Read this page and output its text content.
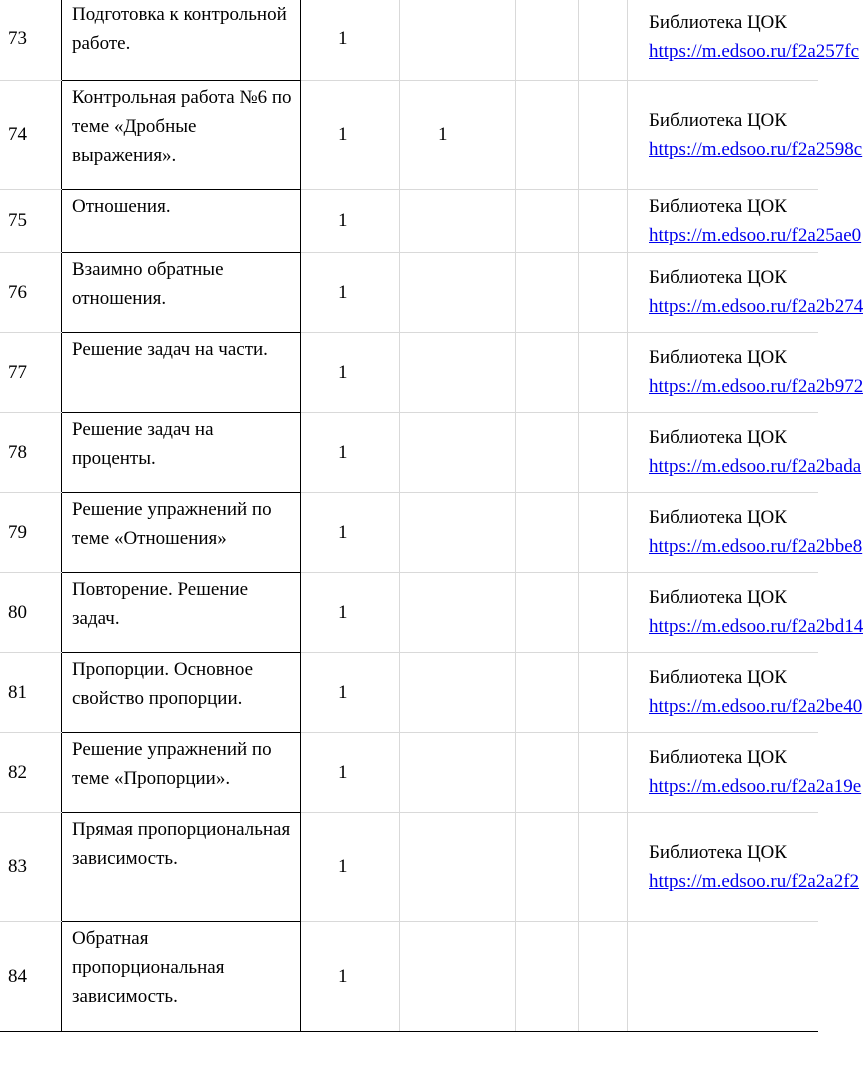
73	Подготовка к контрольной работе.	1				Библиотека ЦОК
https://m.edsoo.ru/f2a257fc

74	Контрольная работа №6 по теме «Дробные выражения».	1	1			Библиотека ЦОК
https://m.edsoo.ru/f2a2598c

75	Отношения.	1				Библиотека ЦОК
https://m.edsoo.ru/f2a25ae0

76	Взаимно обратные отношения.	1				Библиотека ЦОК
https://m.edsoo.ru/f2a2b274

77	Решение задач на части.	1				Библиотека ЦОК
https://m.edsoo.ru/f2a2b972

78	Решение задач на проценты.	1				Библиотека ЦОК
https://m.edsoo.ru/f2a2bada

79	Решение упражнений по теме «Отношения»	1				Библиотека ЦОК
https://m.edsoo.ru/f2a2bbe8

80	Повторение. Решение задач.	1				Библиотека ЦОК
https://m.edsoo.ru/f2a2bd14

81	Пропорции. Основное свойство пропорции.	1				Библиотека ЦОК
https://m.edsoo.ru/f2a2be40

82	Решение упражнений по теме «Пропорции».	1				Библиотека ЦОК
https://m.edsoo.ru/f2a2a19e

83	Прямая пропорциональная зависимость.	1				Библиотека ЦОК
https://m.edsoo.ru/f2a2a2f2

84	Обратная пропорциональная зависимость.	1				
